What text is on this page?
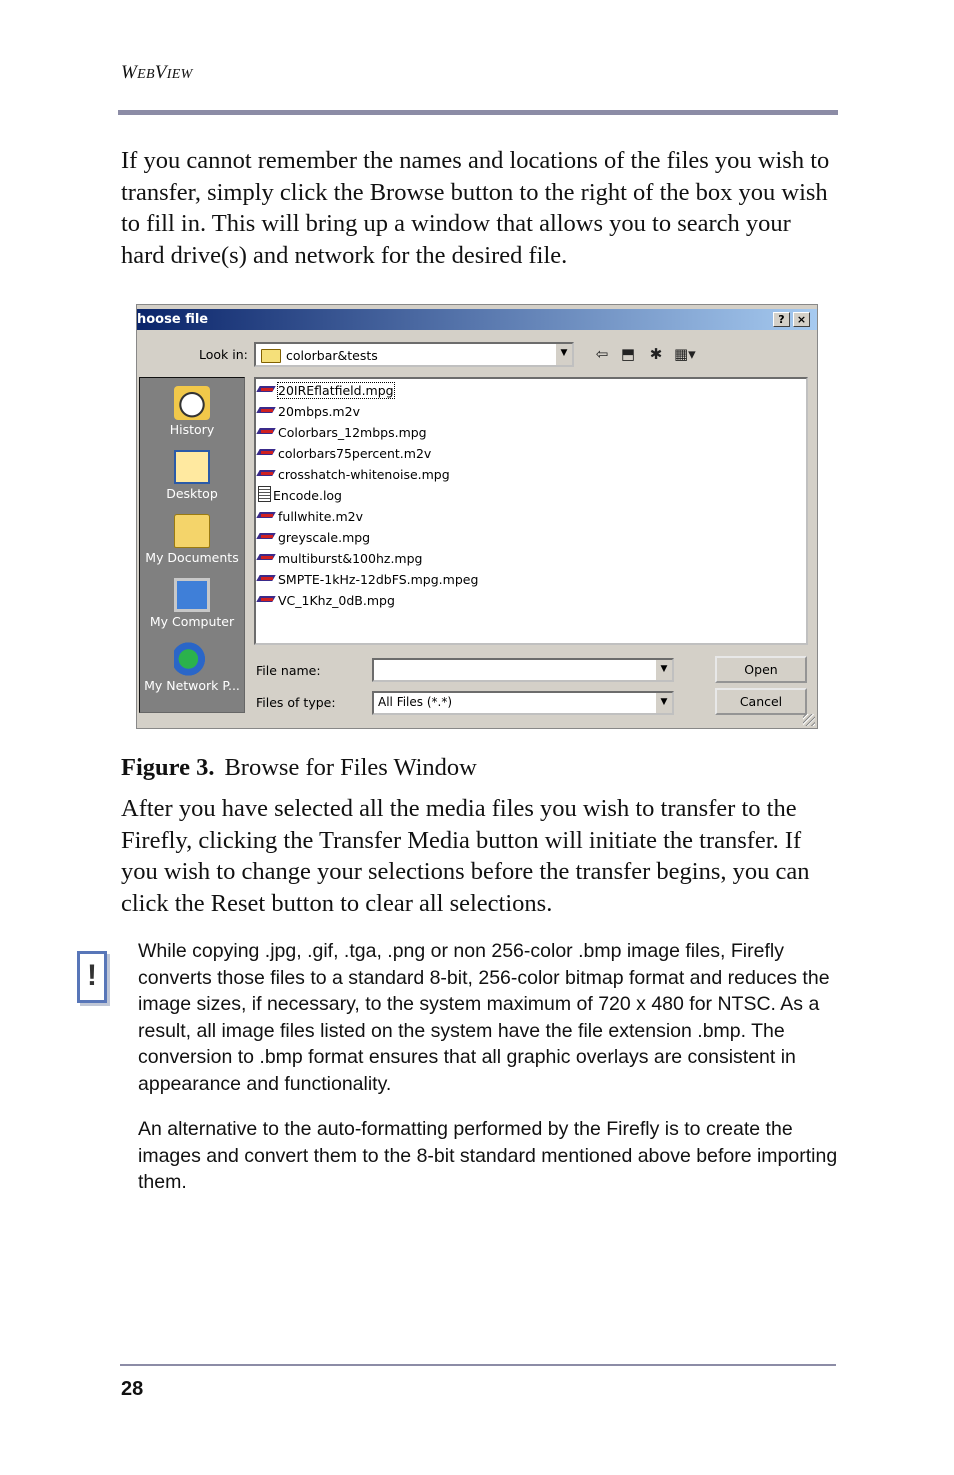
WEBVIEW

If you cannot remember the names and locations of the files you wish to transfer, simply click the Browse button to the right of the box you wish to fill in. This will bring up a window that allows you to search your hard drive(s) and network for the desired file.

hoose file	?	×
Look in:	colorbar&tests	▼	⇦ ⬒ ✱ ▦▾
History
Desktop
My Documents
My Computer
My Network P...
20IREflatfield.mpg
20mbps.m2v
Colorbars_12mbps.mpg
colorbars75percent.m2v
crosshatch-whitenoise.mpg
Encode.log
fullwhite.m2v
greyscale.mpg
multiburst&100hz.mpg
SMPTE-1kHz-12dbFS.mpg.mpeg
VC_1Khz_0dB.mpg
File name:	▼
Files of type:	All Files (*.*)	▼
Open
Cancel
Figure 3. Browse for Files Window

After you have selected all the media files you wish to transfer to the Firefly, clicking the Transfer Media button will initiate the transfer. If you wish to change your selections before the transfer begins, you can click the Reset button to clear all selections.

!

While copying .jpg, .gif, .tga, .png or non 256-color .bmp image files, Firefly converts those files to a standard 8-bit, 256-color bitmap format and reduces the image sizes, if necessary, to the system maximum of 720 x 480 for NTSC. As a result, all image files listed on the system have the file extension .bmp. The conversion to .bmp format ensures that all graphic overlays are consistent in appearance and functionality.

An alternative to the auto-formatting performed by the Firefly is to create the images and convert them to the 8-bit standard mentioned above before importing them.

28
